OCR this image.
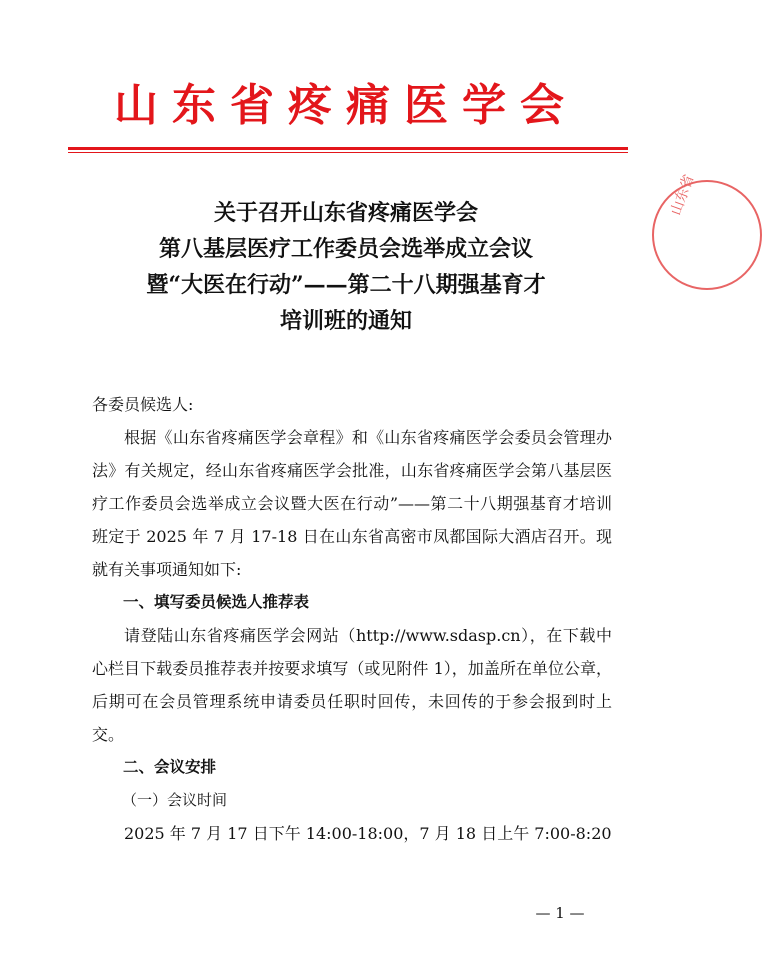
山东省疼痛医学会
山东省
关于召开山东省疼痛医学会
第八基层医疗工作委员会选举成立会议
暨“大医在行动”——第二十八期强基育才
培训班的通知
各委员候选人:

根据《山东省疼痛医学会章程》和《山东省疼痛医学会委员会管理办法》有关规定，经山东省疼痛医学会批准，山东省疼痛医学会第八基层医疗工作委员会选举成立会议暨大医在行动”——第二十八期强基育才培训班定于 2025 年 7 月 17-18 日在山东省高密市凤都国际大酒店召开。现就有关事项通知如下:

一、填写委员候选人推荐表

请登陆山东省疼痛医学会网站（http://www.sdasp.cn），在下载中心栏目下载委员推荐表并按要求填写（或见附件 1），加盖所在单位公章，后期可在会员管理系统申请委员任职时回传，未回传的于参会报到时上交。

二、会议安排

（一）会议时间

2025 年 7 月 17 日下午 14:00-18:00，7 月 18 日上午 7:00-8:20

— 1 —
